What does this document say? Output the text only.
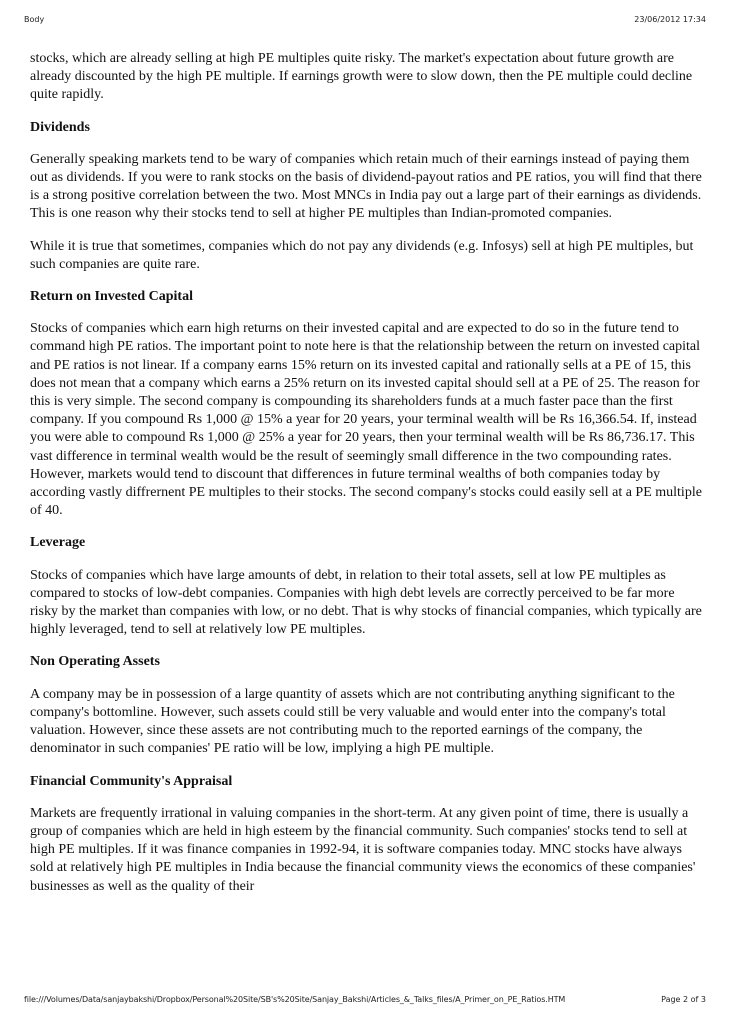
Body	23/06/2012 17:34

stocks, which are already selling at high PE multiples quite risky. The market's expectation about future growth are already discounted by the high PE multiple. If earnings growth were to slow down, then the PE multiple could decline quite rapidly.

Dividends

Generally speaking markets tend to be wary of companies which retain much of their earnings instead of paying them out as dividends. If you were to rank stocks on the basis of dividend-payout ratios and PE ratios, you will find that there is a strong positive correlation between the two. Most MNCs in India pay out a large part of their earnings as dividends. This is one reason why their stocks tend to sell at higher PE multiples than Indian-promoted companies.

While it is true that sometimes, companies which do not pay any dividends (e.g. Infosys) sell at high PE multiples, but such companies are quite rare.

Return on Invested Capital

Stocks of companies which earn high returns on their invested capital and are expected to do so in the future tend to command high PE ratios. The important point to note here is that the relationship between the return on invested capital and PE ratios is not linear. If a company earns 15% return on its invested capital and rationally sells at a PE of 15, this does not mean that a company which earns a 25% return on its invested capital should sell at a PE of 25. The reason for this is very simple. The second company is compounding its shareholders funds at a much faster pace than the first company. If you compound Rs 1,000 @ 15% a year for 20 years, your terminal wealth will be Rs 16,366.54. If, instead you were able to compound Rs 1,000 @ 25% a year for 20 years, then your terminal wealth will be Rs 86,736.17. This vast difference in terminal wealth would be the result of seemingly small difference in the two compounding rates. However, markets would tend to discount that differences in future terminal wealths of both companies today by according vastly diffrernent PE multiples to their stocks. The second company's stocks could easily sell at a PE multiple of 40.

Leverage

Stocks of companies which have large amounts of debt, in relation to their total assets, sell at low PE multiples as compared to stocks of low-debt companies. Companies with high debt levels are correctly perceived to be far more risky by the market than companies with low, or no debt. That is why stocks of financial companies, which typically are highly leveraged, tend to sell at relatively low PE multiples.

Non Operating Assets

A company may be in possession of a large quantity of assets which are not contributing anything significant to the company's bottomline. However, such assets could still be very valuable and would enter into the company's total valuation. However, since these assets are not contributing much to the reported earnings of the company, the denominator in such companies' PE ratio will be low, implying a high PE multiple.

Financial Community's Appraisal

Markets are frequently irrational in valuing companies in the short-term. At any given point of time, there is usually a group of companies which are held in high esteem by the financial community. Such companies' stocks tend to sell at high PE multiples. If it was finance companies in 1992-94, it is software companies today. MNC stocks have always sold at relatively high PE multiples in India because the financial community views the economics of these companies' businesses as well as the quality of their

file:///Volumes/Data/sanjaybakshi/Dropbox/Personal%20Site/SB's%20Site/Sanjay_Bakshi/Articles_&_Talks_files/A_Primer_on_PE_Ratios.HTM	Page 2 of 3
